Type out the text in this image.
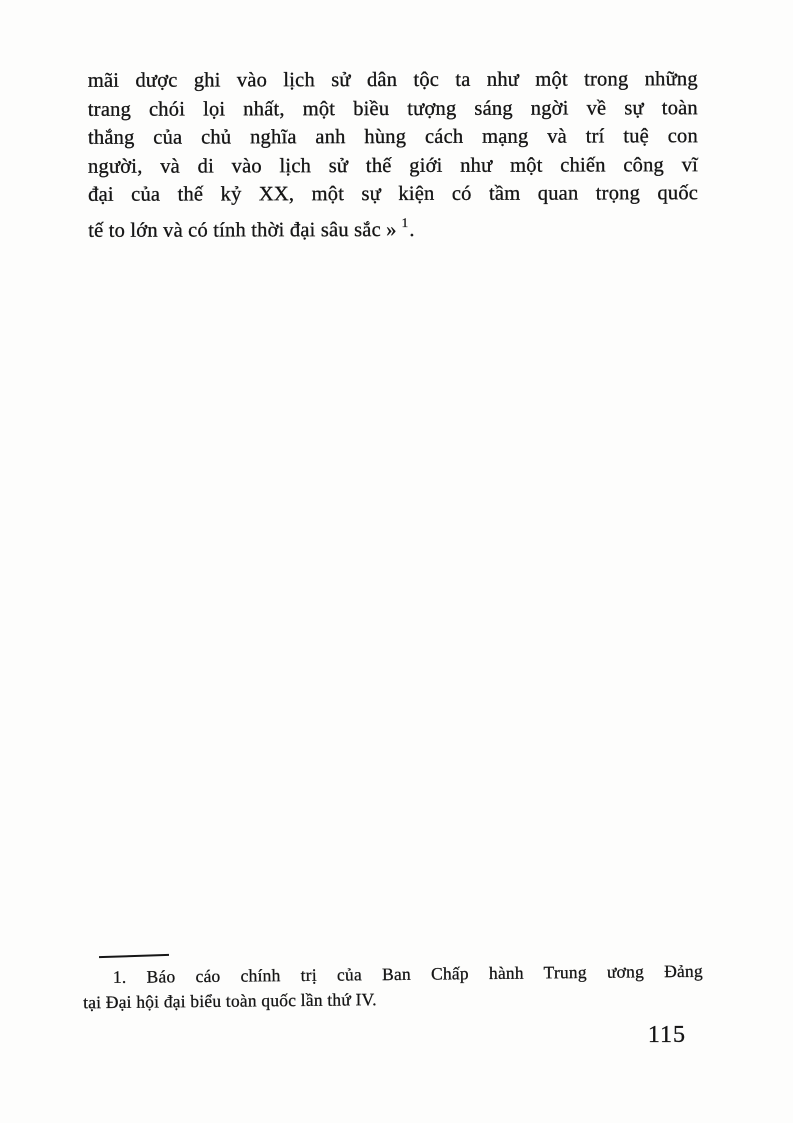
mãi dược ghi vào lịch sử dân tộc ta như một trong những
trang chói lọi nhất, một biều tượng sáng ngời về sự toàn
thắng của chủ nghĩa anh hùng cách mạng và trí tuệ con
người, và di vào lịch sử thế giới như một chiến công vĩ
đại của thế kỷ XX, một sự kiện có tầm quan trọng quốc
tế to lớn và có tính thời đại sâu sắc » 1.
1. Báo cáo chính trị của Ban Chấp hành Trung ương Đảng
tại Đại hội đại biểu toàn quốc lần thứ IV.
115
